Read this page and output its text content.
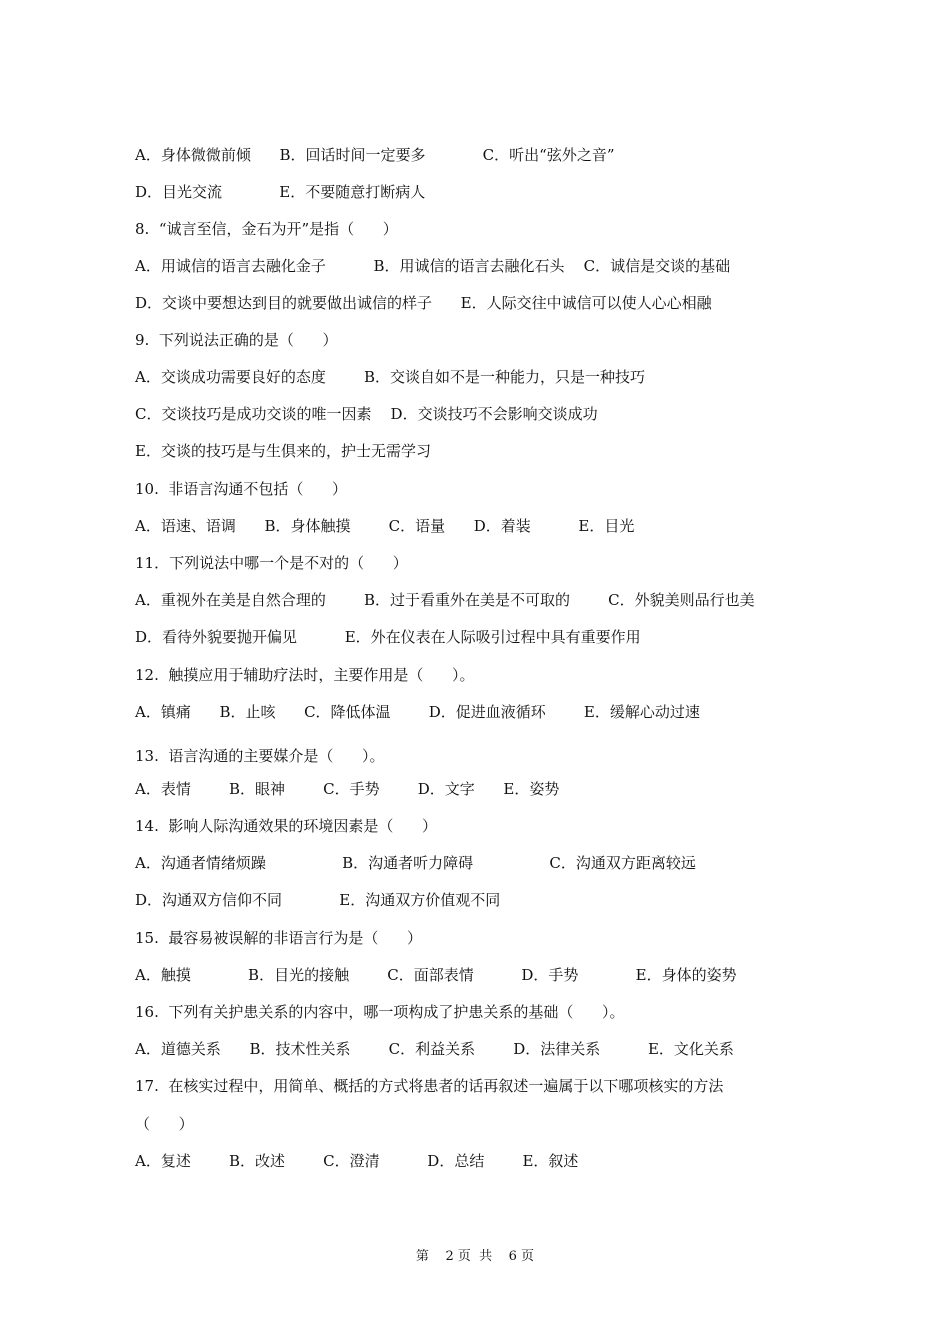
A．身体微微前倾      B．回话时间一定要多            C．听出“弦外之音”
D．目光交流            E．不要随意打断病人
8.  “诚言至信，金石为开”是指（      ）
A．用诚信的语言去融化金子          B．用诚信的语言去融化石头    C．诚信是交谈的基础
D．交谈中要想达到目的就要做出诚信的样子      E．人际交往中诚信可以使人心心相融
9.  下列说法正确的是（      ）
A．交谈成功需要良好的态度        B．交谈自如不是一种能力，只是一种技巧
C．交谈技巧是成功交谈的唯一因素    D．交谈技巧不会影响交谈成功
E．交谈的技巧是与生俱来的，护士无需学习
10.  非语言沟通不包括（      ）
A．语速、语调      B．身体触摸        C．语量      D．着装          E．目光
11．下列说法中哪一个是不对的（      ）
A．重视外在美是自然合理的        B．过于看重外在美是不可取的        C．外貌美则品行也美
D．看待外貌要抛开偏见          E．外在仪表在人际吸引过程中具有重要作用
12.  触摸应用于辅助疗法时，主要作用是（      ）。
A．镇痛      B．止咳      C．降低体温        D．促进血液循环        E．缓解心动过速
13.  语言沟通的主要媒介是（      ）。
A．表情        B．眼神        C．手势        D．文字      E．姿势
14.  影响人际沟通效果的环境因素是（      ）
A．沟通者情绪烦躁                B．沟通者听力障碍                C．沟通双方距离较远
D．沟通双方信仰不同            E．沟通双方价值观不同
15.  最容易被误解的非语言行为是（      ）
A．触摸            B．目光的接触        C．面部表情          D．手势            E．身体的姿势
16.  下列有关护患关系的内容中，哪一项构成了护患关系的基础（      ）。
A．道德关系      B．技术性关系        C．利益关系        D．法律关系          E．文化关系
17.  在核实过程中，用简单、概括的方式将患者的话再叙述一遍属于以下哪项核实的方法
（      ）
A．复述        B．改述        C．澄清          D．总结        E．叙述
第    2 页  共    6 页
